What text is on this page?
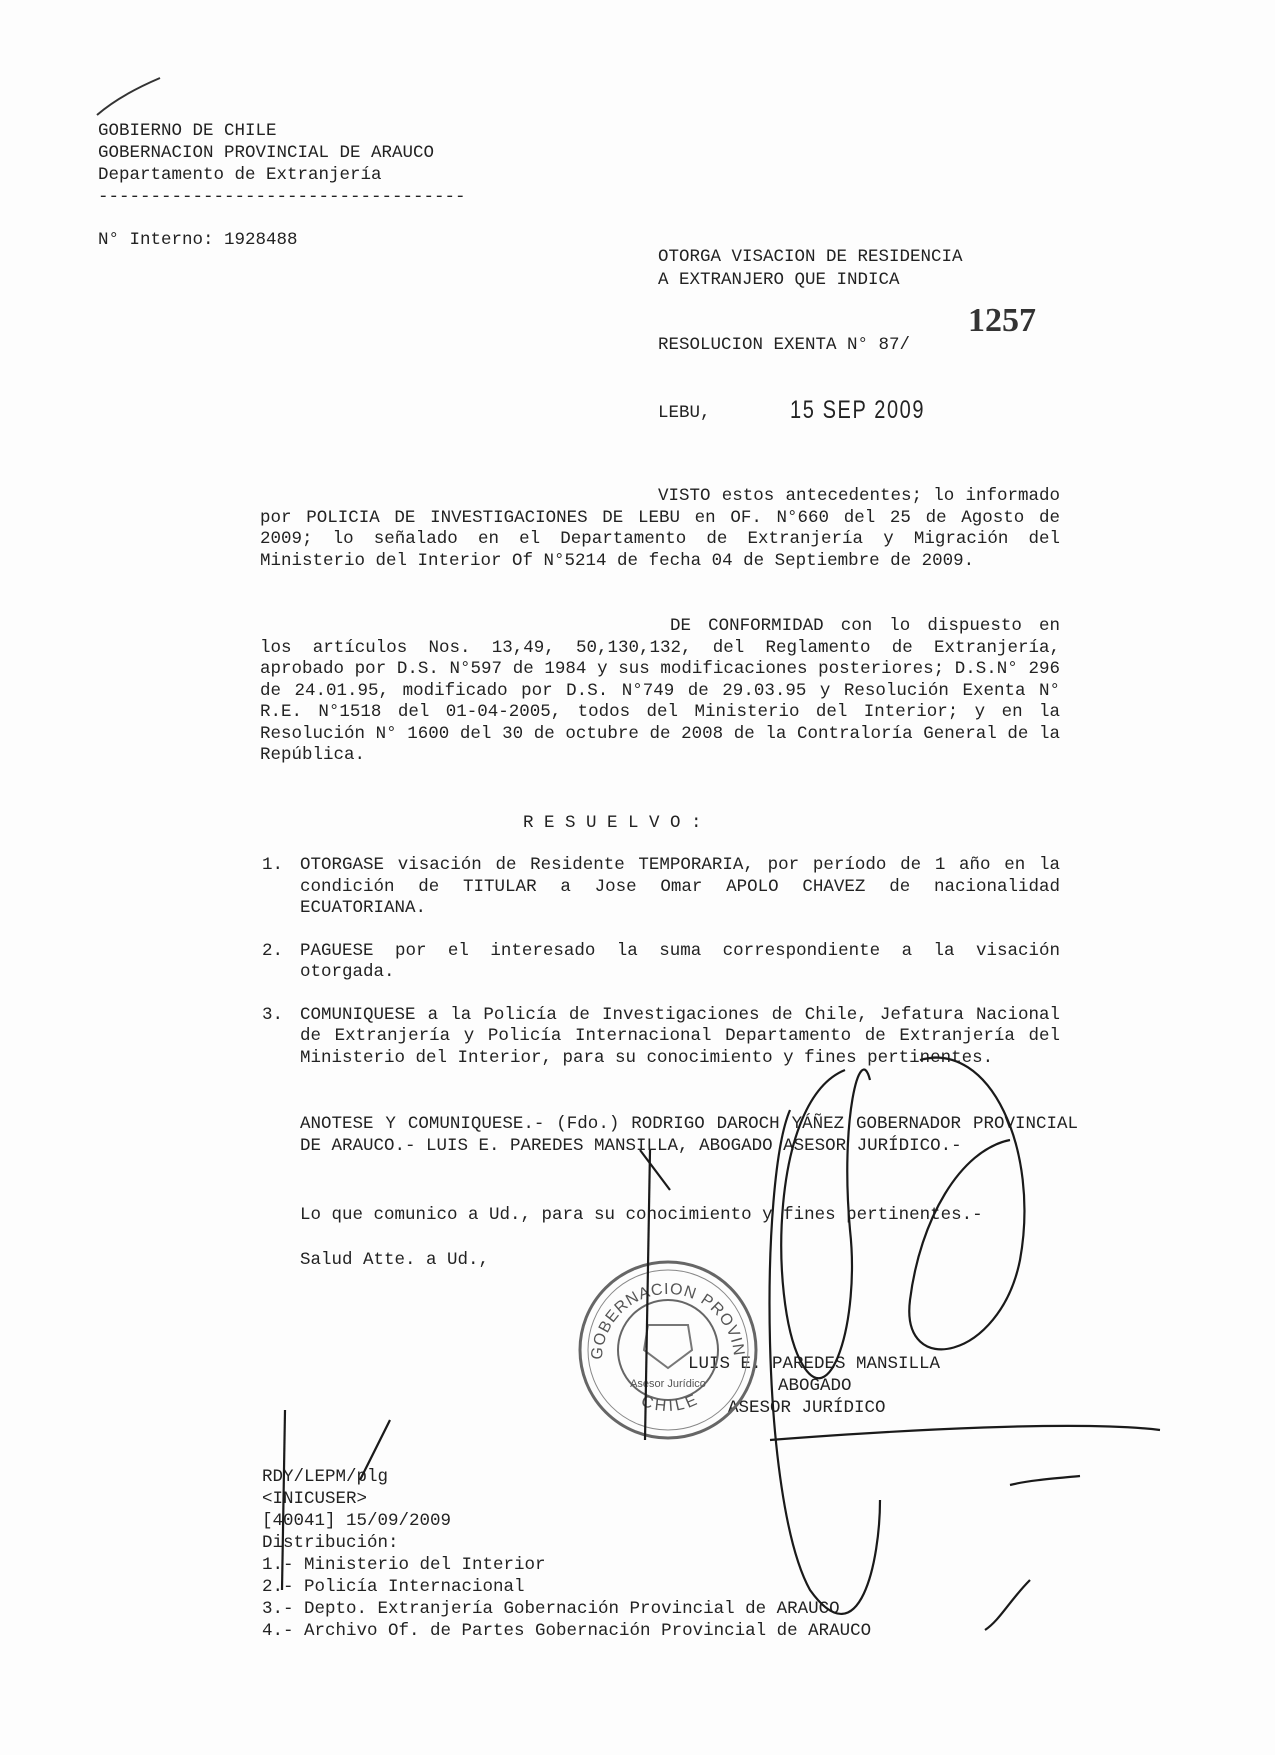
GOBIERNO DE CHILE
GOBERNACION PROVINCIAL DE ARAUCO
Departamento de Extranjería
-----------------------------------
N° Interno: 1928488
OTORGA VISACION DE RESIDENCIA
A EXTRANJERO QUE INDICA
RESOLUCION EXENTA N° 87/
1257
LEBU,	15 SEP 2009
VISTO estos antecedentes; lo informado por POLICIA DE INVESTIGACIONES DE LEBU en OF. N°660 del 25 de Agosto de 2009; lo señalado en el Departamento de Extranjería y Migración del Ministerio del Interior Of N°5214 de fecha 04 de Septiembre de 2009.
DE CONFORMIDAD con lo dispuesto en los artículos Nos. 13,49, 50,130,132, del Reglamento de Extranjería, aprobado por D.S. N°597 de 1984 y sus modificaciones posteriores; D.S.N° 296 de 24.01.95, modificado por D.S. N°749 de 29.03.95 y Resolución Exenta N° R.E. N°1518 del 01-04-2005, todos del Ministerio del Interior; y en la Resolución N° 1600 del 30 de octubre de 2008 de la Contraloría General de la República.
R E S U E L V O :
1. OTORGASE visación de Residente TEMPORARIA, por período de 1 año en la condición de TITULAR a Jose Omar APOLO CHAVEZ de nacionalidad ECUATORIANA.
2. PAGUESE por el interesado la suma correspondiente a la visación otorgada.
3. COMUNIQUESE a la Policía de Investigaciones de Chile, Jefatura Nacional de Extranjería y Policía Internacional Departamento de Extranjería del Ministerio del Interior, para su conocimiento y fines pertinentes.
ANOTESE Y COMUNIQUESE.- (Fdo.) RODRIGO DAROCH YÁÑEZ GOBERNADOR PROVINCIAL DE ARAUCO.- LUIS E. PAREDES MANSILLA, ABOGADO ASESOR JURÍDICO.-
Lo que comunico a Ud., para su conocimiento y fines pertinentes.-
Salud Atte. a Ud.,
LUIS E. PAREDES MANSILLA
ABOGADO
ASESOR JURÍDICO
RDY/LEPM/plg
<INICUSER>
[40041] 15/09/2009
Distribución:
1.- Ministerio del Interior
2.- Policía Internacional
3.- Depto. Extranjería Gobernación Provincial de ARAUCO
4.- Archivo Of. de Partes Gobernación Provincial de ARAUCO
GOBERNACION PROVINCIAL ARAUCO
CHILE
Asesor Jurídico
